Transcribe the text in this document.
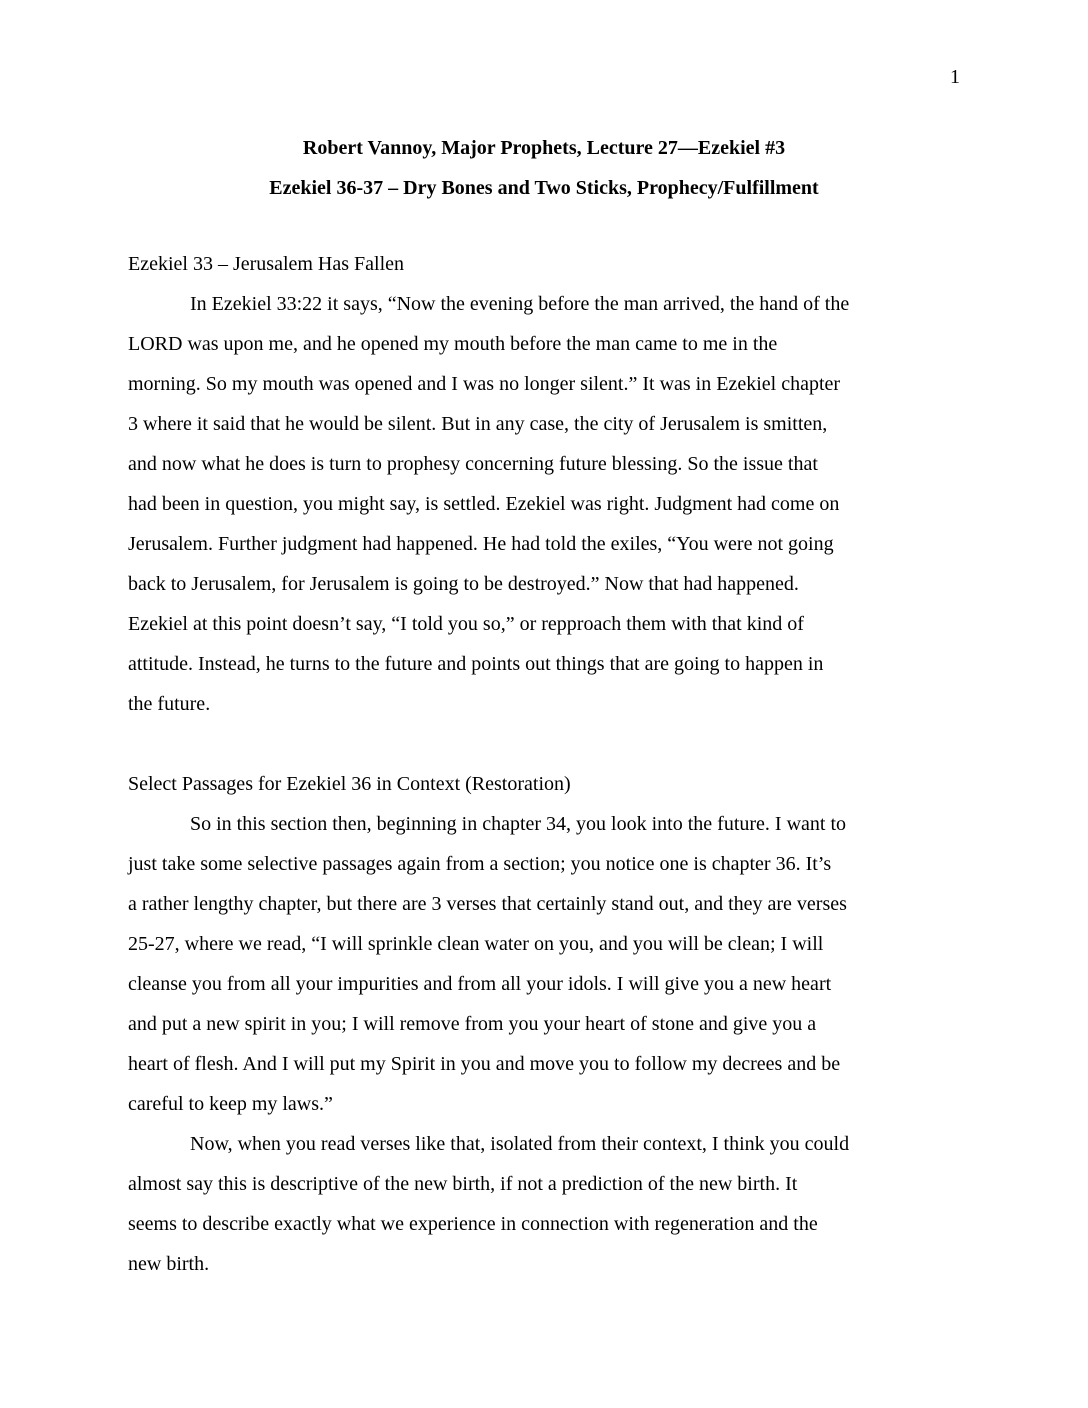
1
Robert Vannoy, Major Prophets, Lecture 27—Ezekiel #3
Ezekiel 36-37 – Dry Bones and Two Sticks, Prophecy/Fulfillment
Ezekiel 33 – Jerusalem Has Fallen
In Ezekiel 33:22 it says, “Now the evening before the man arrived, the hand of the
LORD was upon me, and he opened my mouth before the man came to me in the
morning. So my mouth was opened and I was no longer silent.” It was in Ezekiel chapter
3 where it said that he would be silent. But in any case, the city of Jerusalem is smitten,
and now what he does is turn to prophesy concerning future blessing. So the issue that
had been in question, you might say, is settled. Ezekiel was right. Judgment had come on
Jerusalem. Further judgment had happened. He had told the exiles, “You were not going
back to Jerusalem, for Jerusalem is going to be destroyed.” Now that had happened.
Ezekiel at this point doesn’t say, “I told you so,” or repproach them with that kind of
attitude. Instead, he turns to the future and points out things that are going to happen in
the future.
Select Passages for Ezekiel 36 in Context (Restoration)
So in this section then, beginning in chapter 34, you look into the future. I want to
just take some selective passages again from a section; you notice one is chapter 36. It’s
a rather lengthy chapter, but there are 3 verses that certainly stand out, and they are verses
25-27, where we read, “I will sprinkle clean water on you, and you will be clean; I will
cleanse you from all your impurities and from all your idols. I will give you a new heart
and put a new spirit in you; I will remove from you your heart of stone and give you a
heart of flesh. And I will put my Spirit in you and move you to follow my decrees and be
careful to keep my laws.”
Now, when you read verses like that, isolated from their context, I think you could
almost say this is descriptive of the new birth, if not a prediction of the new birth. It
seems to describe exactly what we experience in connection with regeneration and the
new birth.
